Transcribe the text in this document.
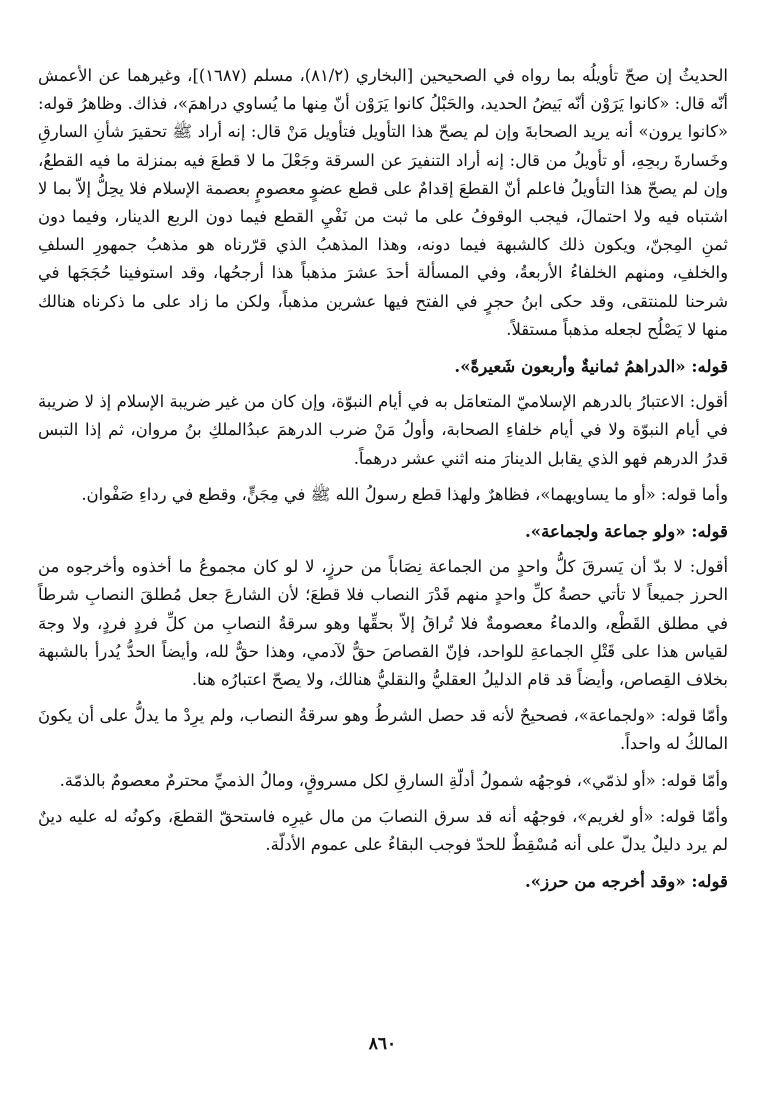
الحديثُ إن صحّ تأويلُه بما رواه في الصحيحين [البخاري (٨١/٢)، مسلم (١٦٨٧)]، وغيرهما عن الأعمش أنّه قال: «كانوا يَرَوْن أنّه بَيضُ الحديد، والحَبْلُ كانوا يَرَوْن أنّ مِنها ما يُساوي دراهمَ»، فذاك. وظاهرُ قوله: «كانوا يرون» أنه يريد الصحابةَ وإن لم يصحّ هذا التأويل فتأويل مَنْ قال: إنه أراد ﷺ تحقيرَ شأنِ السارقِ وخَسارةَ ربحِهِ، أو تأويلُ من قال: إنه أراد التنفيرَ عن السرقة وجَعْلَ ما لا قطعَ فيه بمنزلة ما فيه القطعُ، وإن لم يصحّ هذا التأويلُ فاعلم أنّ القطعَ إقدامٌ على قطع عضوٍ معصومٍ بعصمة الإسلام فلا يحِلُّ إلاّ بما لا اشتباه فيه ولا احتمالَ، فيجب الوقوفُ على ما ثبت من نَفْيِ القطع فيما دون الربع الدينار، وفيما دون ثمنِ المِجنّ، ويكون ذلك كالشبهة فيما دونه، وهذا المذهبُ الذي قرّرناه هو مذهبُ جمهورِ السلفِ والخلفِ، ومنهم الخلفاءُ الأربعةُ، وفي المسألة أحدَ عشرَ مذهباً هذا أرجحُها، وقد استوفينا حُجَجَها في شرحنا للمنتقى، وقد حكى ابنُ حجرٍ في الفتح فيها عشرين مذهباً، ولكن ما زاد على ما ذكرناه هنالك منها لا يَصْلُح لجعله مذهباً مستقلاً.

قوله: «الدراهمُ ثمانيةٌ وأربعون شَعيرةً».

أقول: الاعتبارُ بالدرهم الإسلاميّ المتعامَل به في أيام النبوّة، وإن كان من غير ضريبة الإسلام إذ لا ضريبة في أيام النبوّة ولا في أيام خلفاءِ الصحابة، وأولُ مَنْ ضرب الدرهمَ عبدُالملكِ بنُ مروان، ثم إذا التبس قدرُ الدرهم فهو الذي يقابل الدينارَ منه اثني عشر درهماً.

وأما قوله: «أو ما يساويهما»، فظاهرٌ ولهذا قطع رسولُ الله ﷺ في مِجَنٍّ، وقطع في رداءِ صَفْوان.

قوله: «ولو جماعة ولجماعة».

أقول: لا بدّ أن يَسرقَ كلُّ واحدٍ من الجماعة نِصَاباً من حرزٍ، لا لو كان مجموعُ ما أخذوه وأخرجوه من الحرز جميعاً لا تأتي حصةُ كلِّ واحدٍ منهم قَدْرَ النصاب فلا قطعَ؛ لأن الشارعَ جعل مُطلقَ النصابِ شرطاً في مطلق القَطْع، والدماءُ معصومةٌ فلا تُراقُ إلاّ بحقِّها وهو سرقةُ النصابِ من كلِّ فردٍ فردٍ، ولا وجهَ لقياس هذا على قَتْلِ الجماعةِ للواحد، فإنّ القصاصَ حقٌّ لآدمي، وهذا حقٌّ لله، وأيضاً الحدُّ يُدرأ بالشبهة بخلاف القِصاص، وأيضاً قد قام الدليلُ العقليُّ والنقليُّ هنالك، ولا يصحّ اعتبارُه هنا.

وأمّا قوله: «ولجماعة»، فصحيحٌ لأنه قد حصل الشرطُ وهو سرقةُ النصاب، ولم يرِدْ ما يدلُّ على أن يكونَ المالكُ له واحداً.

وأمّا قوله: «أو لذمّي»، فوجهُه شمولُ أدلّةِ السارقِ لكل مسروقٍ، ومالُ الذميِّ محترمٌ معصومٌ بالذمّة.

وأمّا قوله: «أو لغريم»، فوجهُه أنه قد سرق النصابَ من مال غيرِه فاستحقّ القطعَ، وكونُه له عليه دينٌ لم يرد دليلٌ يدلّ على أنه مُسْقِطٌ للحدّ فوجب البقاءُ على عموم الأدلّة.

قوله: «وقد أخرجه من حرز».

٨٦٠
